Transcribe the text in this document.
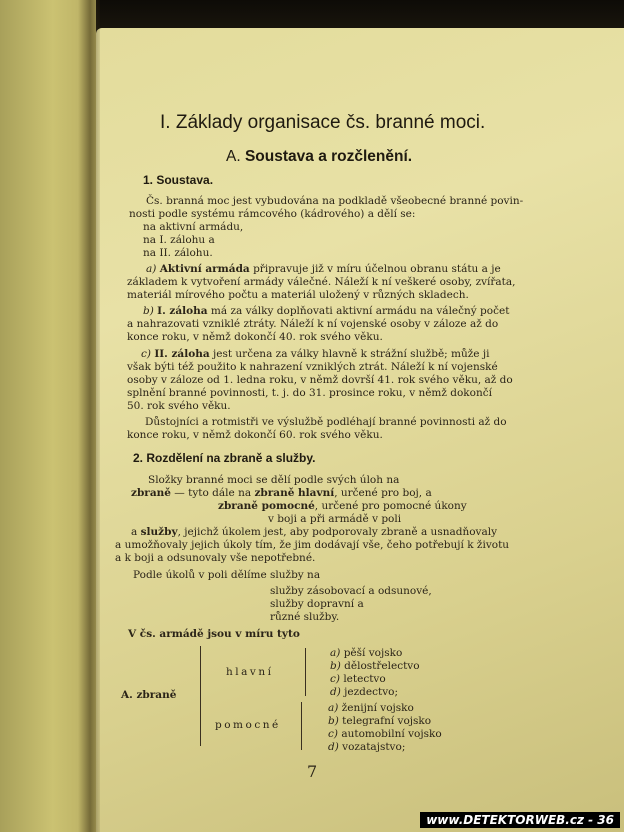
I. Základy organisace čs. branné moci.
A. Soustava a rozčlenění.
1. Soustava.
Čs. branná moc jest vybudována na podkladě všeobecné branné povin-
nosti podle systému rámcového (kádrového) a dělí se:
na aktivní armádu,
na I. zálohu a
na II. zálohu.
a) Aktivní armáda připravuje již v míru účelnou obranu státu a je
základem k vytvoření armády válečné. Náleží k ní veškeré osoby, zvířata,
materiál mírového počtu a materiál uložený v různých skladech.
b) I. záloha má za války doplňovati aktivní armádu na válečný počet
a nahrazovati vzniklé ztráty. Náleží k ní vojenské osoby v záloze až do
konce roku, v němž dokončí 40. rok svého věku.
c) II. záloha jest určena za války hlavně k strážní službě; může ji
však býti též použito k nahrazení vzniklých ztrát. Náleží k ní vojenské
osoby v záloze od 1. ledna roku, v němž dovrší 41. rok svého věku, až do
splnění branné povinnosti, t. j. do 31. prosince roku, v němž dokončí
50. rok svého věku.
Důstojníci a rotmistři ve výslužbě podléhají branné povinnosti až do
konce roku, v němž dokončí 60. rok svého věku.
2. Rozdělení na zbraně a služby.
Složky branné moci se dělí podle svých úloh na
zbraně — tyto dále na zbraně hlavní, určené pro boj, a
zbraně pomocné, určené pro pomocné úkony
v boji a při armádě v poli
a služby, jejichž úkolem jest, aby podporovaly zbraně a usnadňovaly
a umožňovaly jejich úkoly tím, že jim dodávají vše, čeho potřebují k životu
a k boji a odsunovaly vše nepotřebné.
Podle úkolů v poli dělíme služby na
služby zásobovací a odsunové,
služby dopravní a
různé služby.
V čs. armádě jsou v míru tyto
A. zbraně
hlavní
pomocné
a) pěší vojsko
b) dělostřelectvo
c) letectvo
d) jezdectvo;
a) ženijní vojsko
b) telegrafní vojsko
c) automobilní vojsko
d) vozatajstvo;
7
www.DETEKTORWEB.cz - 36
